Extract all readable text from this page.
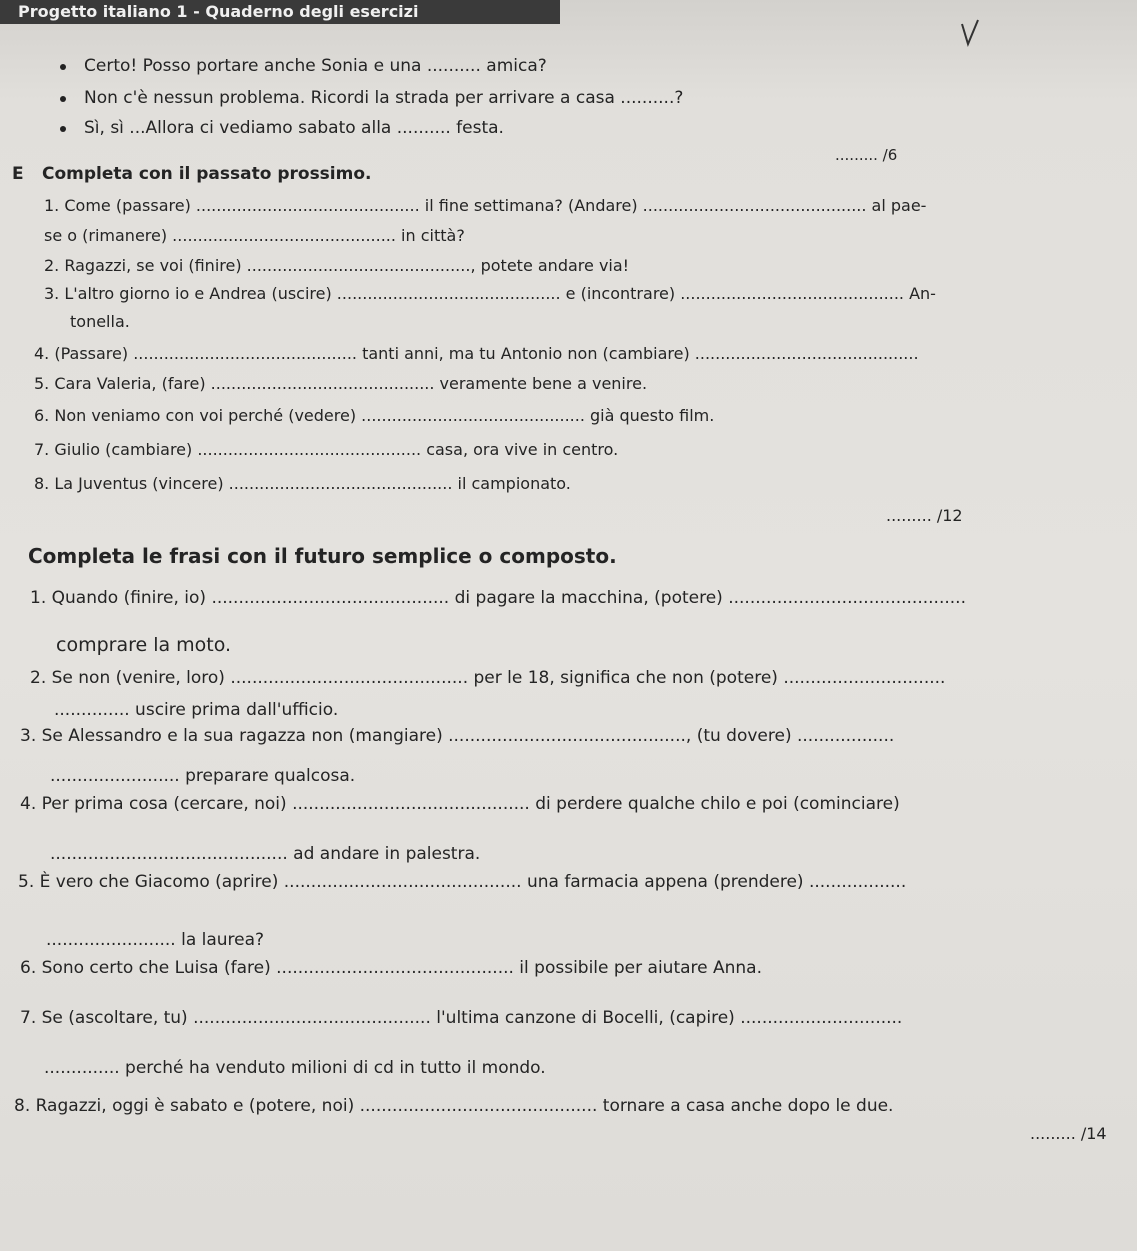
Progetto italiano 1 - Quaderno degli esercizi
Certo! Posso portare anche Sonia e una .......... amica?
Non c'è nessun problema. Ricordi la strada per arrivare a casa ..........?
Sì, sì ...Allora ci vediamo sabato alla .......... festa.
......... /6
E Completa con il passato prossimo.
1. Come (passare) ............................................ il fine settimana? (Andare) ............................................ al pae-
se o (rimanere) ............................................ in città?
2. Ragazzi, se voi (finire) ............................................, potete andare via!
3. L'altro giorno io e Andrea (uscire) ............................................ e (incontrare) ............................................ An-
tonella.
4. (Passare) ............................................ tanti anni, ma tu Antonio non (cambiare) ............................................
5. Cara Valeria, (fare) ............................................ veramente bene a venire.
6. Non veniamo con voi perché (vedere) ............................................ già questo film.
7. Giulio (cambiare) ............................................ casa, ora vive in centro.
8. La Juventus (vincere) ............................................ il campionato.
......... /12
Completa le frasi con il futuro semplice o composto.
1. Quando (finire, io) ............................................ di pagare la macchina, (potere) ............................................
comprare la moto.
2. Se non (venire, loro) ............................................ per le 18, significa che non (potere) ..............................
.............. uscire prima dall'ufficio.
3. Se Alessandro e la sua ragazza non (mangiare) ............................................, (tu dovere) ..................
........................ preparare qualcosa.
4. Per prima cosa (cercare, noi) ............................................ di perdere qualche chilo e poi (cominciare)
............................................ ad andare in palestra.
5. È vero che Giacomo (aprire) ............................................ una farmacia appena (prendere) ..................
........................ la laurea?
6. Sono certo che Luisa (fare) ............................................ il possibile per aiutare Anna.
7. Se (ascoltare, tu) ............................................ l'ultima canzone di Bocelli, (capire) ..............................
.............. perché ha venduto milioni di cd in tutto il mondo.
8. Ragazzi, oggi è sabato e (potere, noi) ............................................ tornare a casa anche dopo le due.
......... /14
